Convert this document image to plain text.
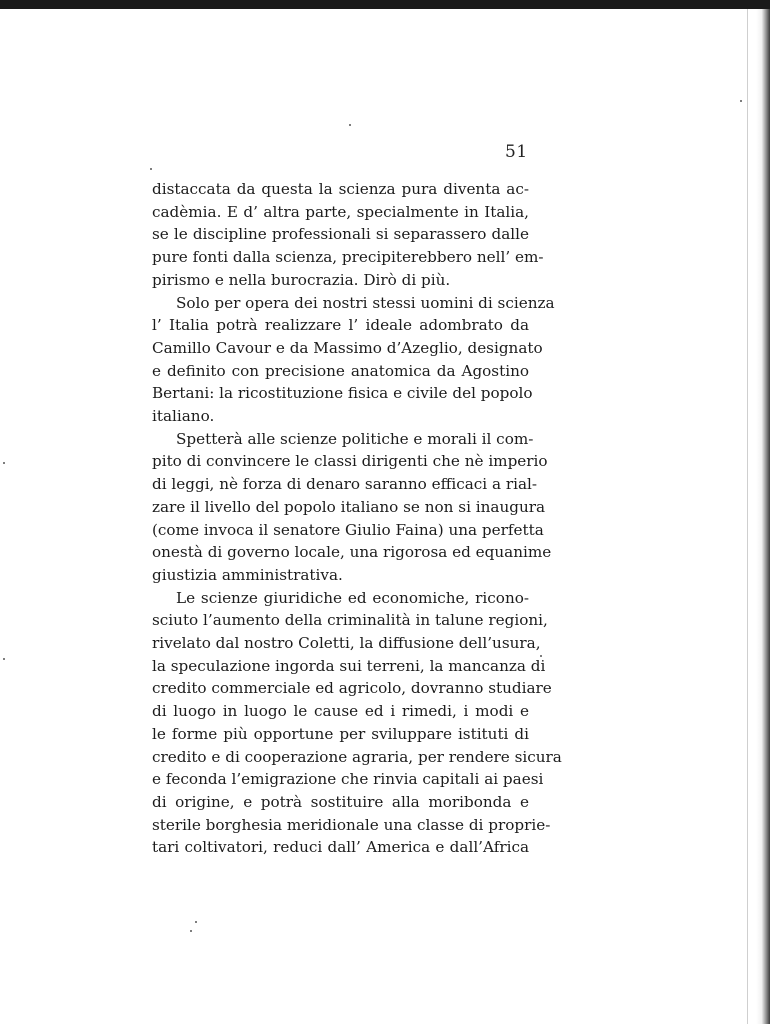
51
distaccata da questa la scienza pura diventa ac-
cadèmia. E d’ altra parte, specialmente in Italia,
se le discipline professionali si separassero dalle
pure fonti dalla scienza, precipiterebbero nell’ em-
pirismo e nella burocrazia. Dirò di più.
Solo per opera dei nostri stessi uomini di scienza
l’ Italia potrà realizzare l’ ideale adombrato da
Camillo Cavour e da Massimo d’Azeglio, designato
e definito con precisione anatomica da Agostino
Bertani: la ricostituzione fisica e civile del popolo
italiano.
Spetterà alle scienze politiche e morali il com-
pito di convincere le classi dirigenti che nè imperio
di leggi, nè forza di denaro saranno efficaci a rial-
zare il livello del popolo italiano se non si inaugura
(come invoca il senatore Giulio Faina) una perfetta
onestà di governo locale, una rigorosa ed equanime
giustizia amministrativa.
Le scienze giuridiche ed economiche, ricono-
sciuto l’aumento della criminalità in talune regioni,
rivelato dal nostro Coletti, la diffusione dell’usura,
la speculazione ingorda sui terreni, la mancanza di
credito commerciale ed agricolo, dovranno studiare
di luogo in luogo le cause ed i rimedi, i modi e
le forme più opportune per sviluppare istituti di
credito e di cooperazione agraria, per rendere sicura
e feconda l’emigrazione che rinvia capitali ai paesi
di origine, e potrà sostituire alla moribonda e
sterile borghesia meridionale una classe di proprie-
tari coltivatori, reduci dall’ America e dall’Africa
